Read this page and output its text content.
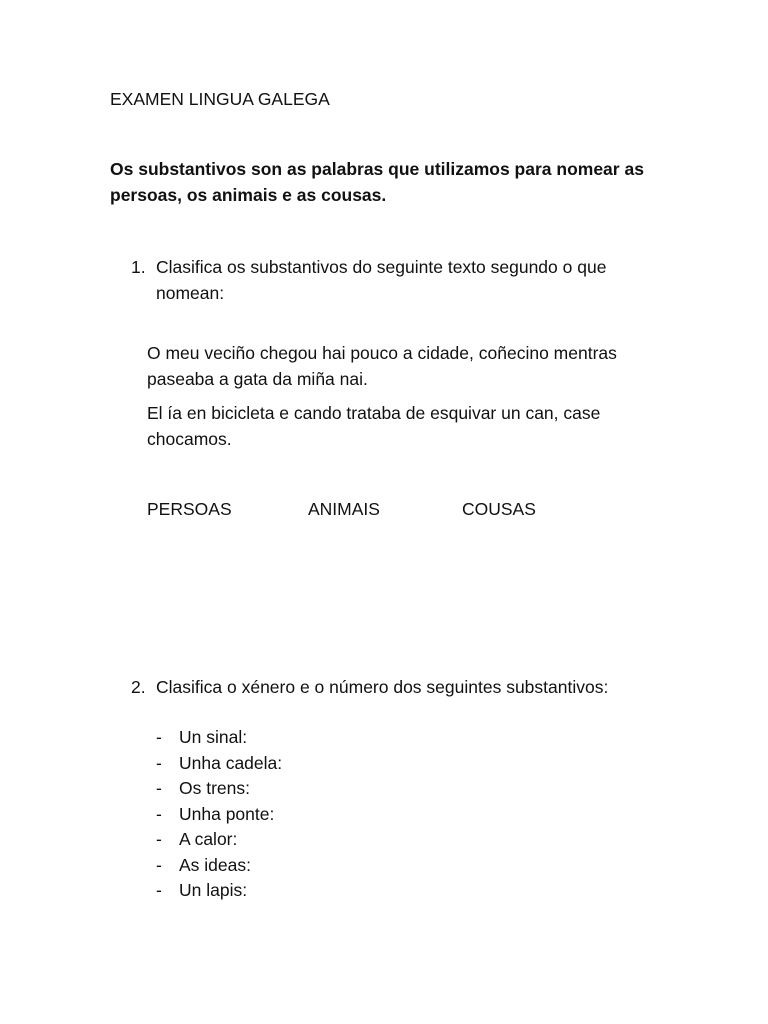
EXAMEN LINGUA GALEGA
Os substantivos son as palabras que utilizamos para nomear as
persoas, os animais e as cousas.
1. Clasifica os substantivos do seguinte texto segundo o que
nomean:
O meu veciño chegou hai pouco a cidade, coñecino mentras
paseaba a gata da miña nai.
El ía en bicicleta e cando trataba de esquivar un can, case
chocamos.
PERSOAS	ANIMAIS	COUSAS
2. Clasifica o xénero e o número dos seguintes substantivos:
- Un sinal:
- Unha cadela:
- Os trens:
- Unha ponte:
- A calor:
- As ideas:
- Un lapis:
